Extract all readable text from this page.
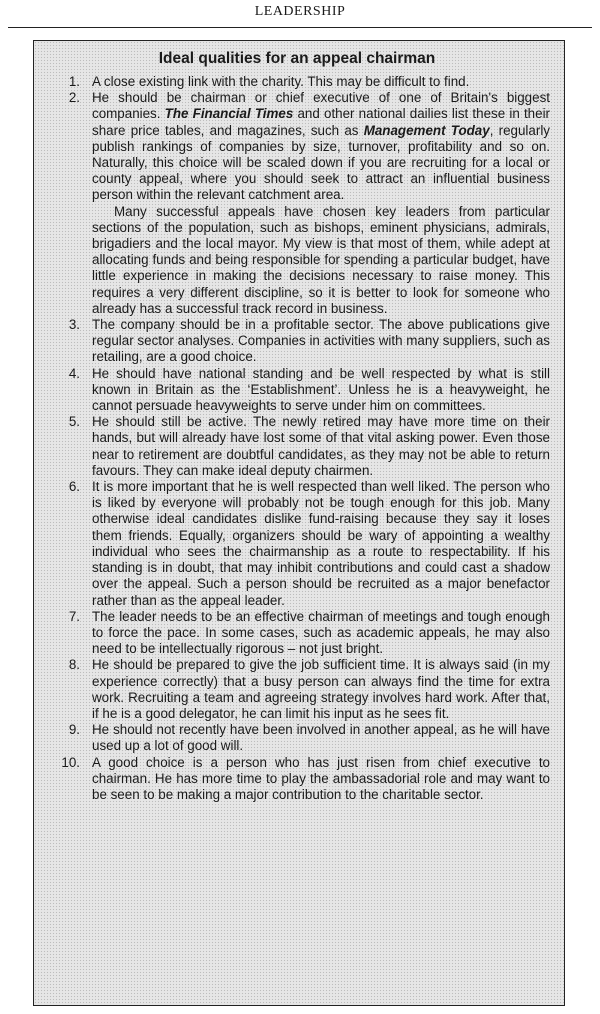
LEADERSHIP
Ideal qualities for an appeal chairman
1. A close existing link with the charity. This may be difficult to find.

2. He should be chairman or chief executive of one of Britain's biggest companies. The Financial Times and other national dailies list these in their share price tables, and magazines, such as Management Today, regularly publish rankings of companies by size, turnover, profitability and so on. Naturally, this choice will be scaled down if you are recruiting for a local or county appeal, where you should seek to attract an influential business person within the relevant catchment area.

Many successful appeals have chosen key leaders from particular sections of the population, such as bishops, eminent physicians, admirals, brigadiers and the local mayor. My view is that most of them, while adept at allocating funds and being responsible for spending a particular budget, have little experience in making the decisions necessary to raise money. This requires a very different discipline, so it is better to look for someone who already has a successful track record in business.

3. The company should be in a profitable sector. The above publications give regular sector analyses. Companies in activities with many suppliers, such as retailing, are a good choice.

4. He should have national standing and be well respected by what is still known in Britain as the ‘Establishment’. Unless he is a heavyweight, he cannot persuade heavyweights to serve under him on committees.

5. He should still be active. The newly retired may have more time on their hands, but will already have lost some of that vital asking power. Even those near to retirement are doubtful candidates, as they may not be able to return favours. They can make ideal deputy chairmen.

6. It is more important that he is well respected than well liked. The person who is liked by everyone will probably not be tough enough for this job. Many otherwise ideal candidates dislike fund-raising because they say it loses them friends. Equally, organizers should be wary of appointing a wealthy individual who sees the chairmanship as a route to respectability. If his standing is in doubt, that may inhibit contributions and could cast a shadow over the appeal. Such a person should be recruited as a major benefactor rather than as the appeal leader.

7. The leader needs to be an effective chairman of meetings and tough enough to force the pace. In some cases, such as academic appeals, he may also need to be intellectually rigorous – not just bright.

8. He should be prepared to give the job sufficient time. It is always said (in my experience correctly) that a busy person can always find the time for extra work. Recruiting a team and agreeing strategy involves hard work. After that, if he is a good delegator, he can limit his input as he sees fit.

9. He should not recently have been involved in another appeal, as he will have used up a lot of good will.

10. A good choice is a person who has just risen from chief executive to chairman. He has more time to play the ambassadorial role and may want to be seen to be making a major contribution to the charitable sector.
